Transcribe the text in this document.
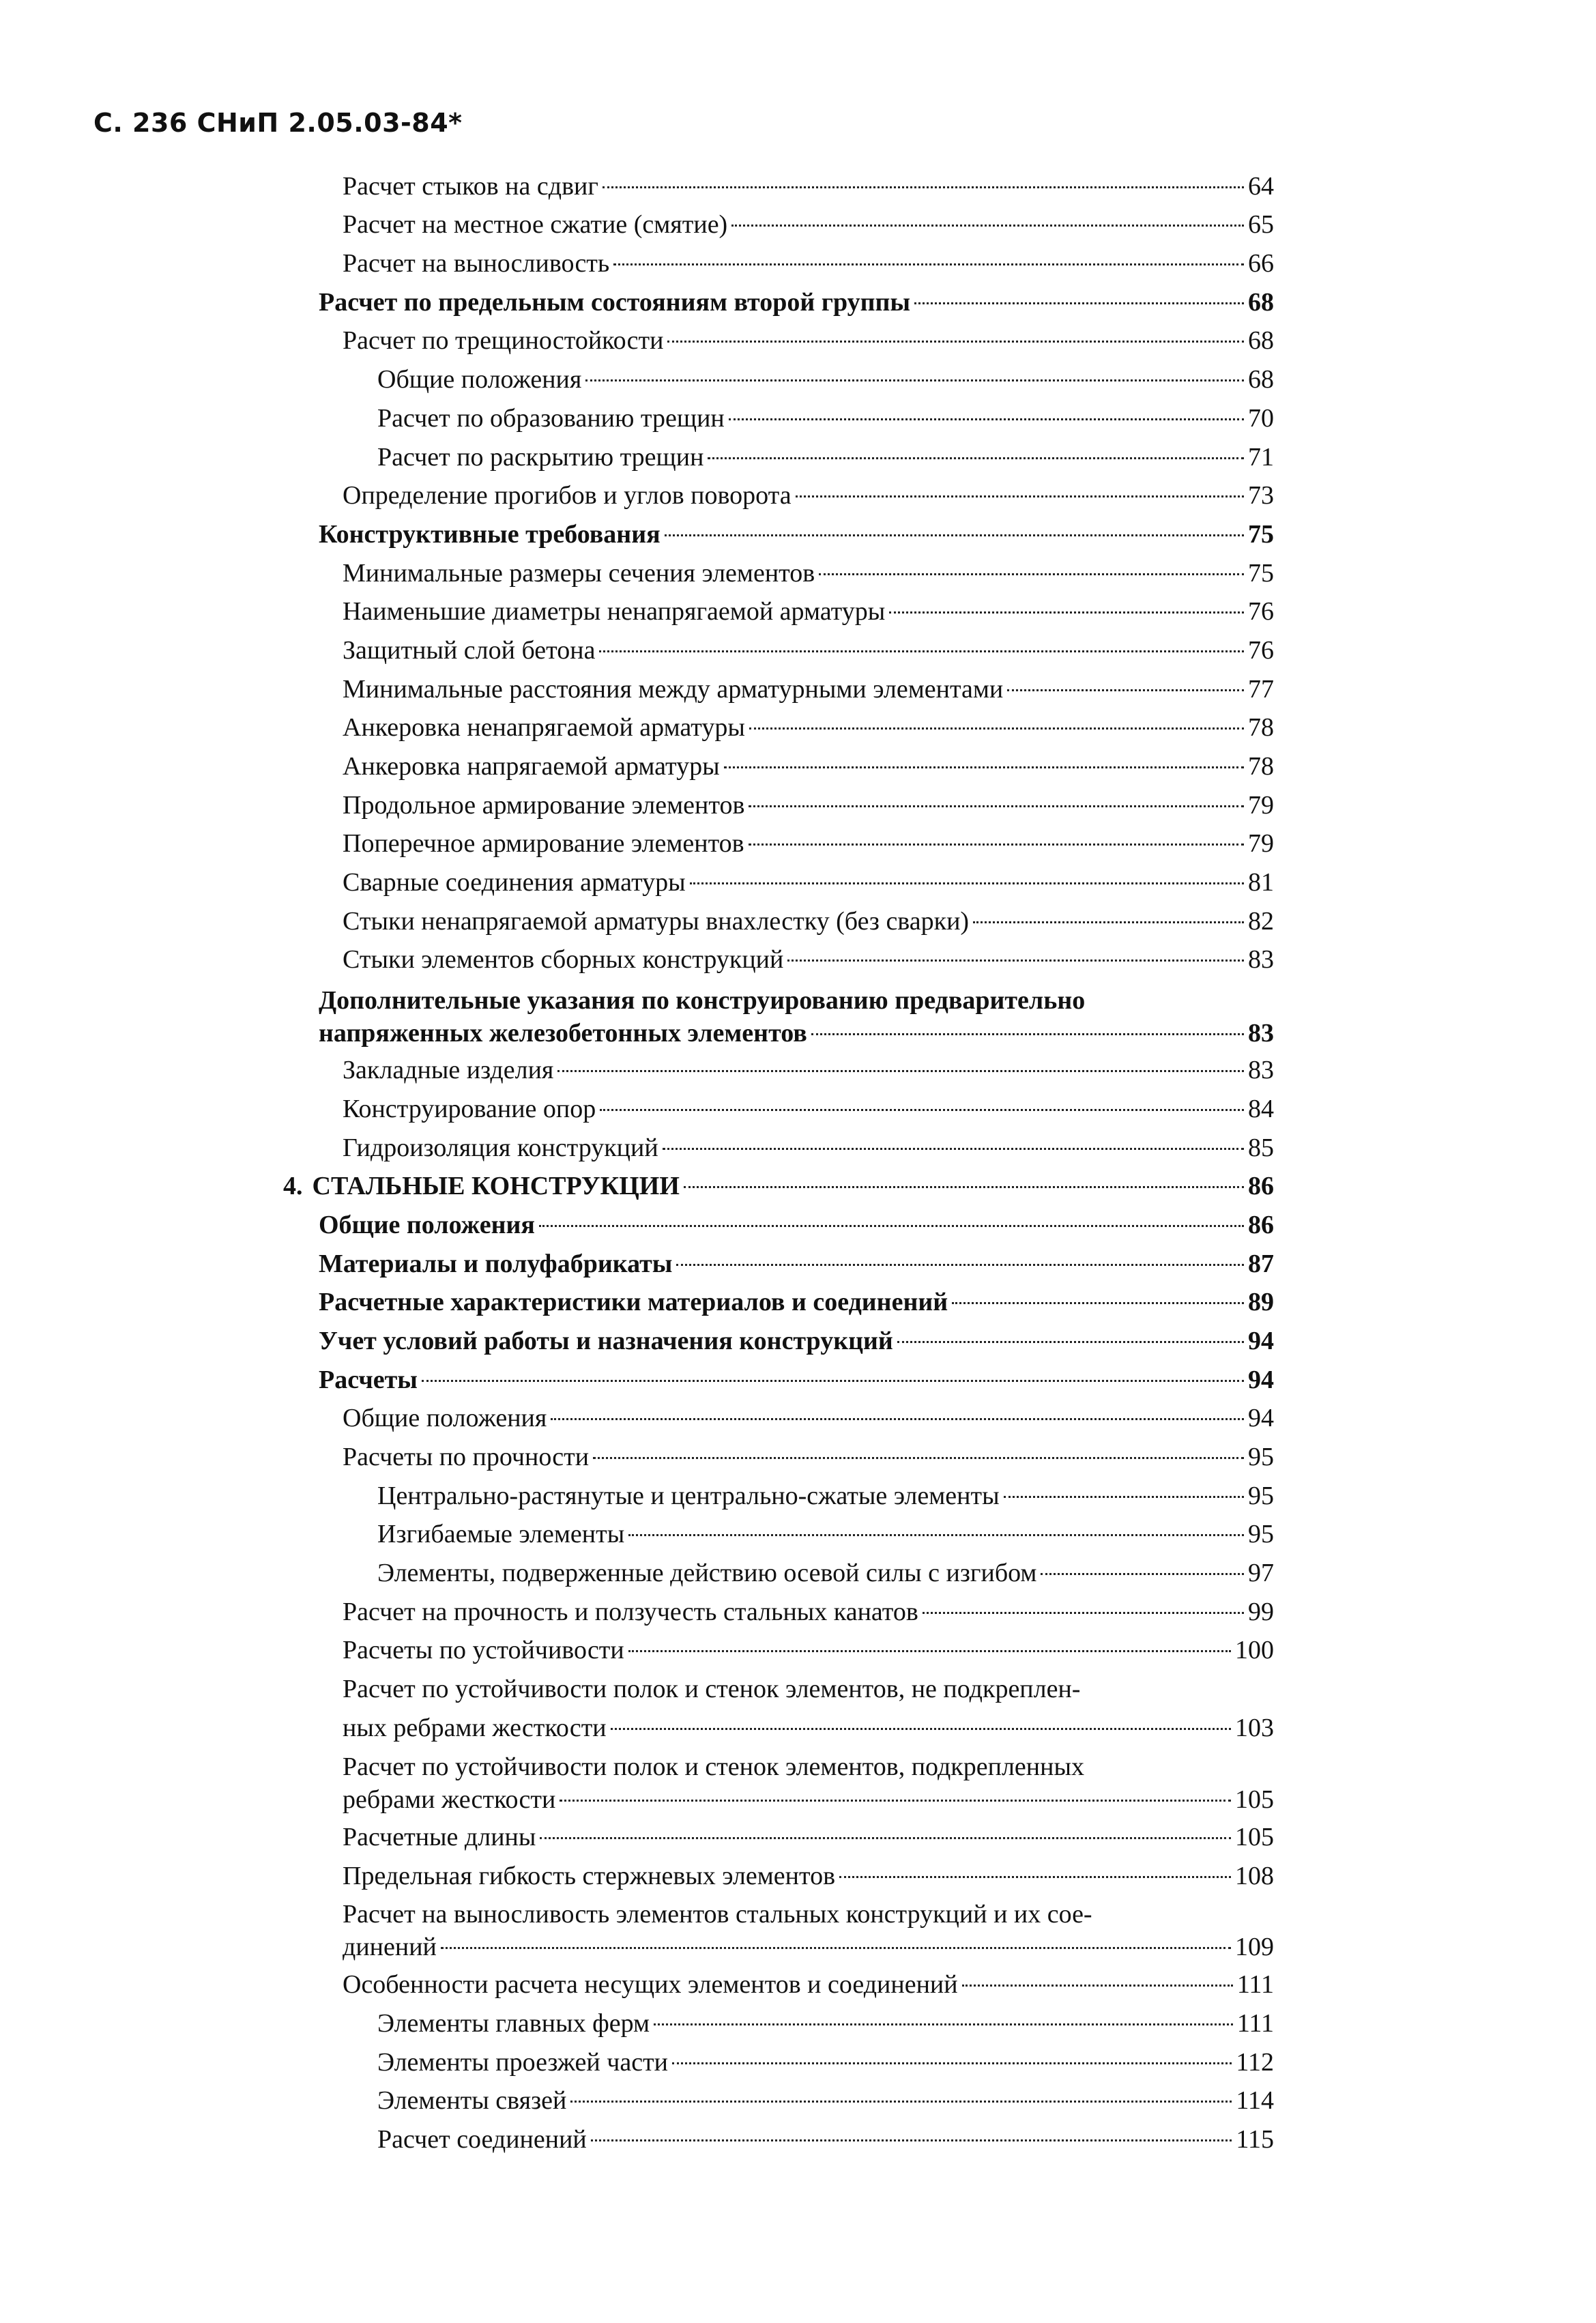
С. 236 СНиП 2.05.03-84*
Расчет стыков на сдвиг	64
Расчет на местное сжатие (смятие)	65
Расчет на выносливость	66
Расчет по предельным состояниям второй группы	68
Расчет по трещиностойкости	68
Общие положения	68
Расчет по образованию трещин	70
Расчет по раскрытию трещин	71
Определение прогибов и углов поворота	73
Конструктивные требования	75
Минимальные размеры сечения элементов	75
Наименьшие диаметры ненапрягаемой арматуры	76
Защитный слой бетона	76
Минимальные расстояния между арматурными элементами	77
Анкеровка ненапрягаемой арматуры	78
Анкеровка напрягаемой арматуры	78
Продольное армирование элементов	79
Поперечное армирование элементов	79
Сварные соединения арматуры	81
Стыки ненапрягаемой арматуры внахлестку (без сварки)	82
Стыки элементов сборных конструкций	83
Дополнительные указания по конструированию предварительно
напряженных железобетонных элементов	83
Закладные изделия	83
Конструирование опор	84
Гидроизоляция конструкций	85
4. СТАЛЬНЫЕ КОНСТРУКЦИИ	86
Общие положения	86
Материалы и полуфабрикаты	87
Расчетные характеристики материалов и соединений	89
Учет условий работы и назначения конструкций	94
Расчеты	94
Общие положения	94
Расчеты по прочности	95
Центрально-растянутые и центрально-сжатые элементы	95
Изгибаемые элементы	95
Элементы, подверженные действию осевой силы с изгибом	97
Расчет на прочность и ползучесть стальных канатов	99
Расчеты по устойчивости	100
Расчет по устойчивости полок и стенок элементов, не подкреплен-
ных ребрами жесткости	103
Расчет по устойчивости полок и стенок элементов, подкрепленных
ребрами жесткости	105
Расчетные длины	105
Предельная гибкость стержневых элементов	108
Расчет на выносливость элементов стальных конструкций и их сое-
динений	109
Особенности расчета несущих элементов и соединений	111
Элементы главных ферм	111
Элементы проезжей части	112
Элементы связей	114
Расчет соединений	115
